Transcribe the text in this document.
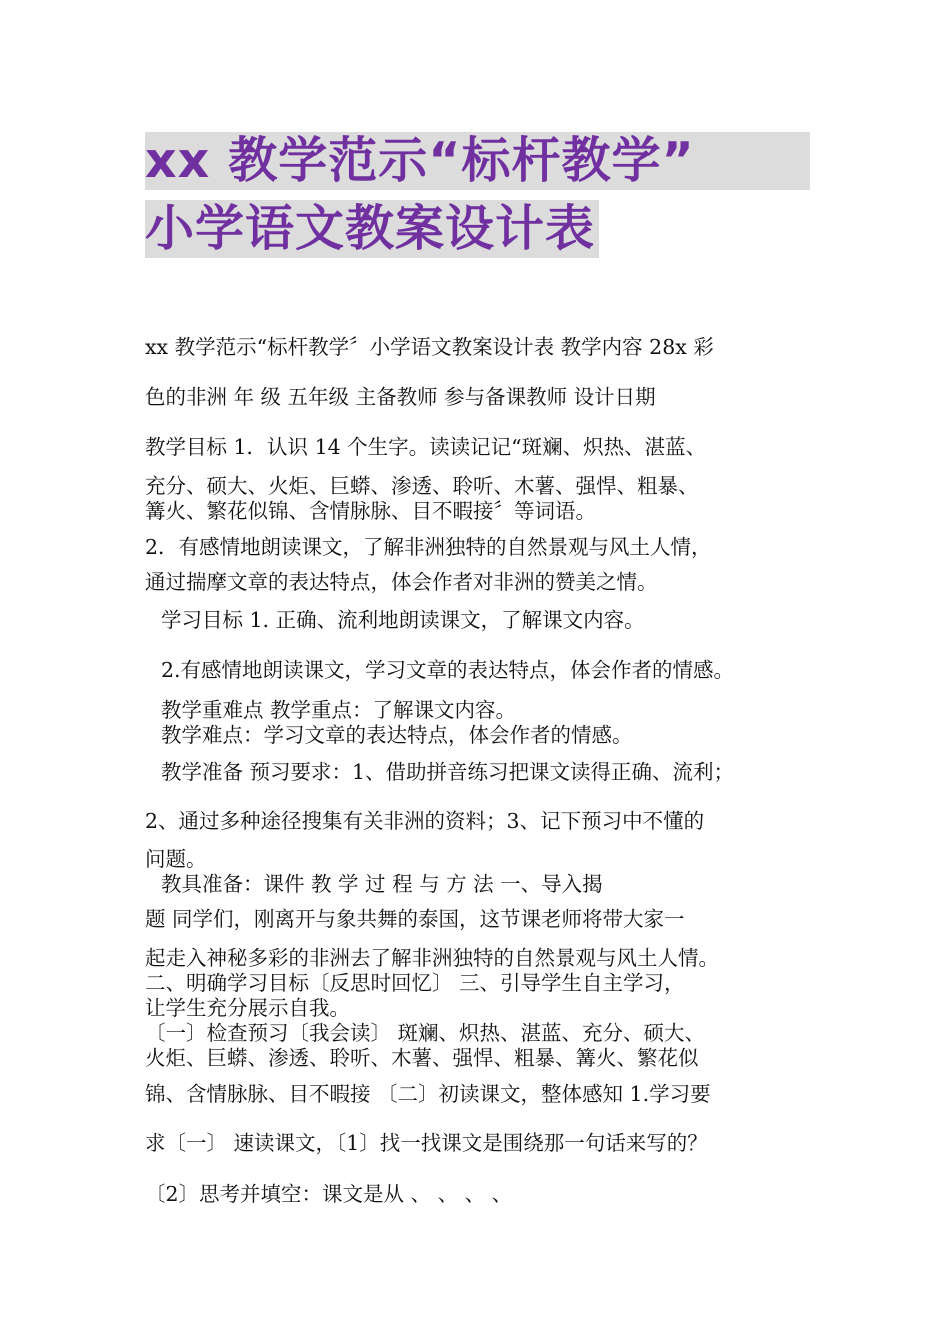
xx 教学范示“标杆教学”
小学语文教案设计表
xx 教学范示“标杆教学〞小学语文教案设计表 教学内容 28x 彩
色的非洲 年 级 五年级 主备教师 参与备课教师 设计日期
教学目标 1．认识 14 个生字。读读记记“斑斓、炽热、湛蓝、
充分、硕大、火炬、巨蟒、渗透、聆听、木薯、强悍、粗暴、
篝火、繁花似锦、含情脉脉、目不暇接〞等词语。
2．有感情地朗读课文，了解非洲独特的自然景观与风土人情，
通过揣摩文章的表达特点，体会作者对非洲的赞美之情。
学习目标 1. 正确、流利地朗读课文，了解课文内容。
2.有感情地朗读课文，学习文章的表达特点，体会作者的情感。
教学重难点 教学重点：了解课文内容。
教学难点：学习文章的表达特点，体会作者的情感。
教学准备 预习要求：1、借助拼音练习把课文读得正确、流利；
2、通过多种途径搜集有关非洲的资料；3、记下预习中不懂的
问题。
教具准备：课件 教 学 过 程 与 方 法 一、导入揭
题 同学们，刚离开与象共舞的泰国，这节课老师将带大家一
起走入神秘多彩的非洲去了解非洲独特的自然景观与风土人情。
二、明确学习目标〔反思时回忆〕 三、引导学生自主学习，
让学生充分展示自我。
〔一〕检查预习〔我会读〕 斑斓、炽热、湛蓝、充分、硕大、
火炬、巨蟒、渗透、聆听、木薯、强悍、粗暴、篝火、繁花似
锦、含情脉脉、目不暇接 〔二〕初读课文，整体感知 1.学习要
求〔一〕 速读课文，〔1〕找一找课文是围绕那一句话来写的？
〔2〕思考并填空：课文是从 、 、 、 、
